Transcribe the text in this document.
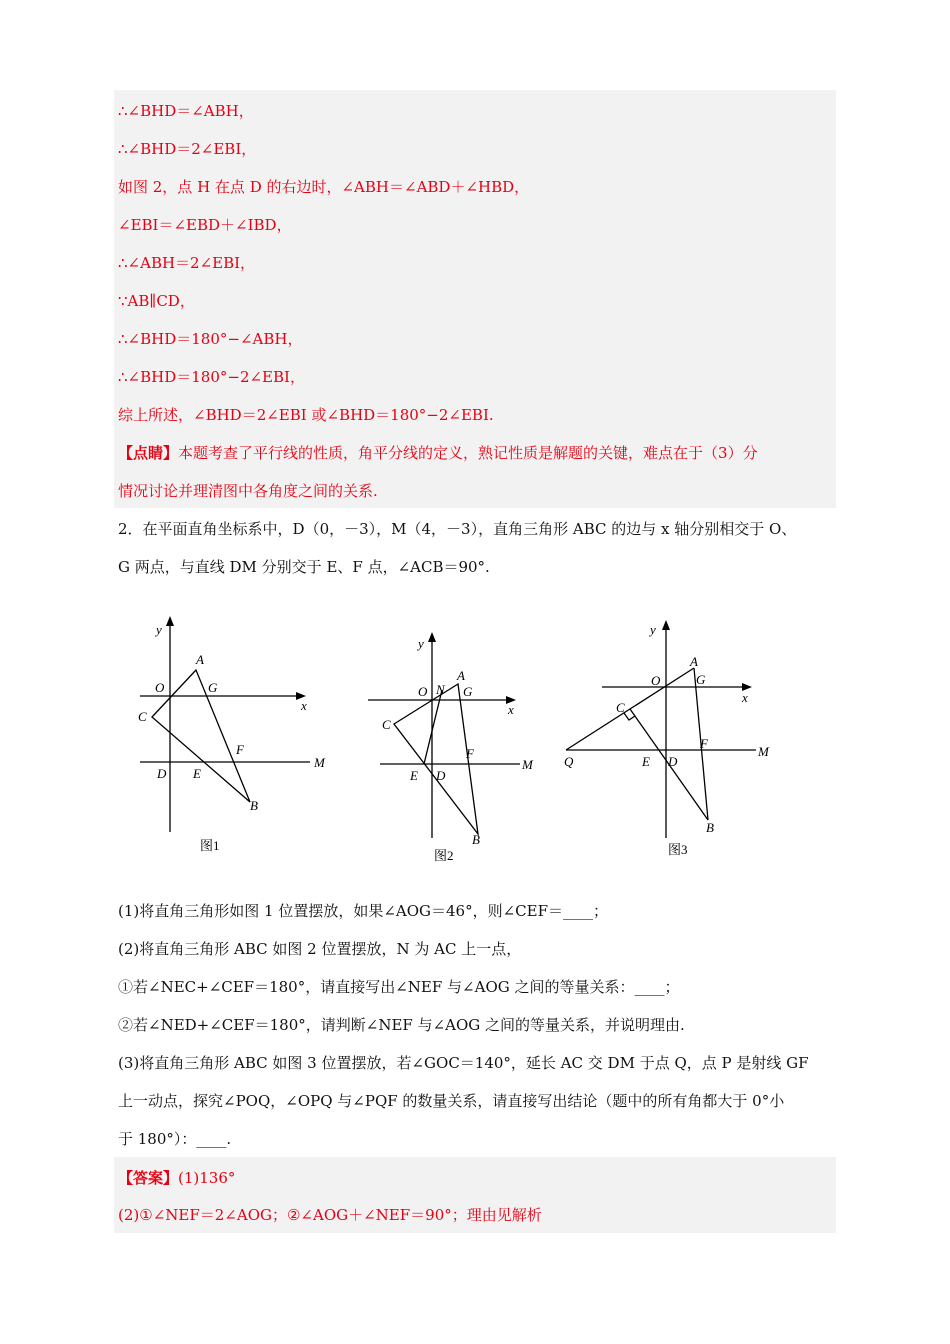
∴∠BHD＝∠ABH，
∴∠BHD＝2∠EBI，
如图 2，点 H 在点 D 的右边时，∠ABH＝∠ABD＋∠HBD，
∠EBI＝∠EBD＋∠IBD，
∴∠ABH＝2∠EBI，
∵AB∥CD，
∴∠BHD＝180°−∠ABH，
∴∠BHD＝180°−2∠EBI，
综上所述，∠BHD＝2∠EBI 或∠BHD＝180°−2∠EBI.
【点睛】本题考查了平行线的性质，角平分线的定义，熟记性质是解题的关键，难点在于（3）分
情况讨论并理清图中各角度之间的关系.
2．在平面直角坐标系中，D（0，－3），M（4，－3），直角三角形 ABC 的边与 x 轴分别相交于 O、
G 两点，与直线 DM 分别交于 E、F 点，∠ACB＝90°.
y
A
O	G
x
C
F
M
D E
B
图1
y
N
A
O	G
x
C
F
M
E D
B
图2
y
A
O	G
x
C
F
M
Q	E D
B
图3
(1)将直角三角形如图 1 位置摆放，如果∠AOG＝46°，则∠CEF＝____；
(2)将直角三角形 ABC 如图 2 位置摆放，N 为 AC 上一点，
①若∠NEC+∠CEF＝180°，请直接写出∠NEF 与∠AOG 之间的等量关系：____；
②若∠NED+∠CEF＝180°，请判断∠NEF 与∠AOG 之间的等量关系，并说明理由.
(3)将直角三角形 ABC 如图 3 位置摆放，若∠GOC＝140°，延长 AC 交 DM 于点 Q，点 P 是射线 GF
上一动点，探究∠POQ，∠OPQ 与∠PQF 的数量关系，请直接写出结论（题中的所有角都大于 0°小
于 180°）：____.
【答案】(1)136°
(2)①∠NEF＝2∠AOG；②∠AOG＋∠NEF＝90°；理由见解析
